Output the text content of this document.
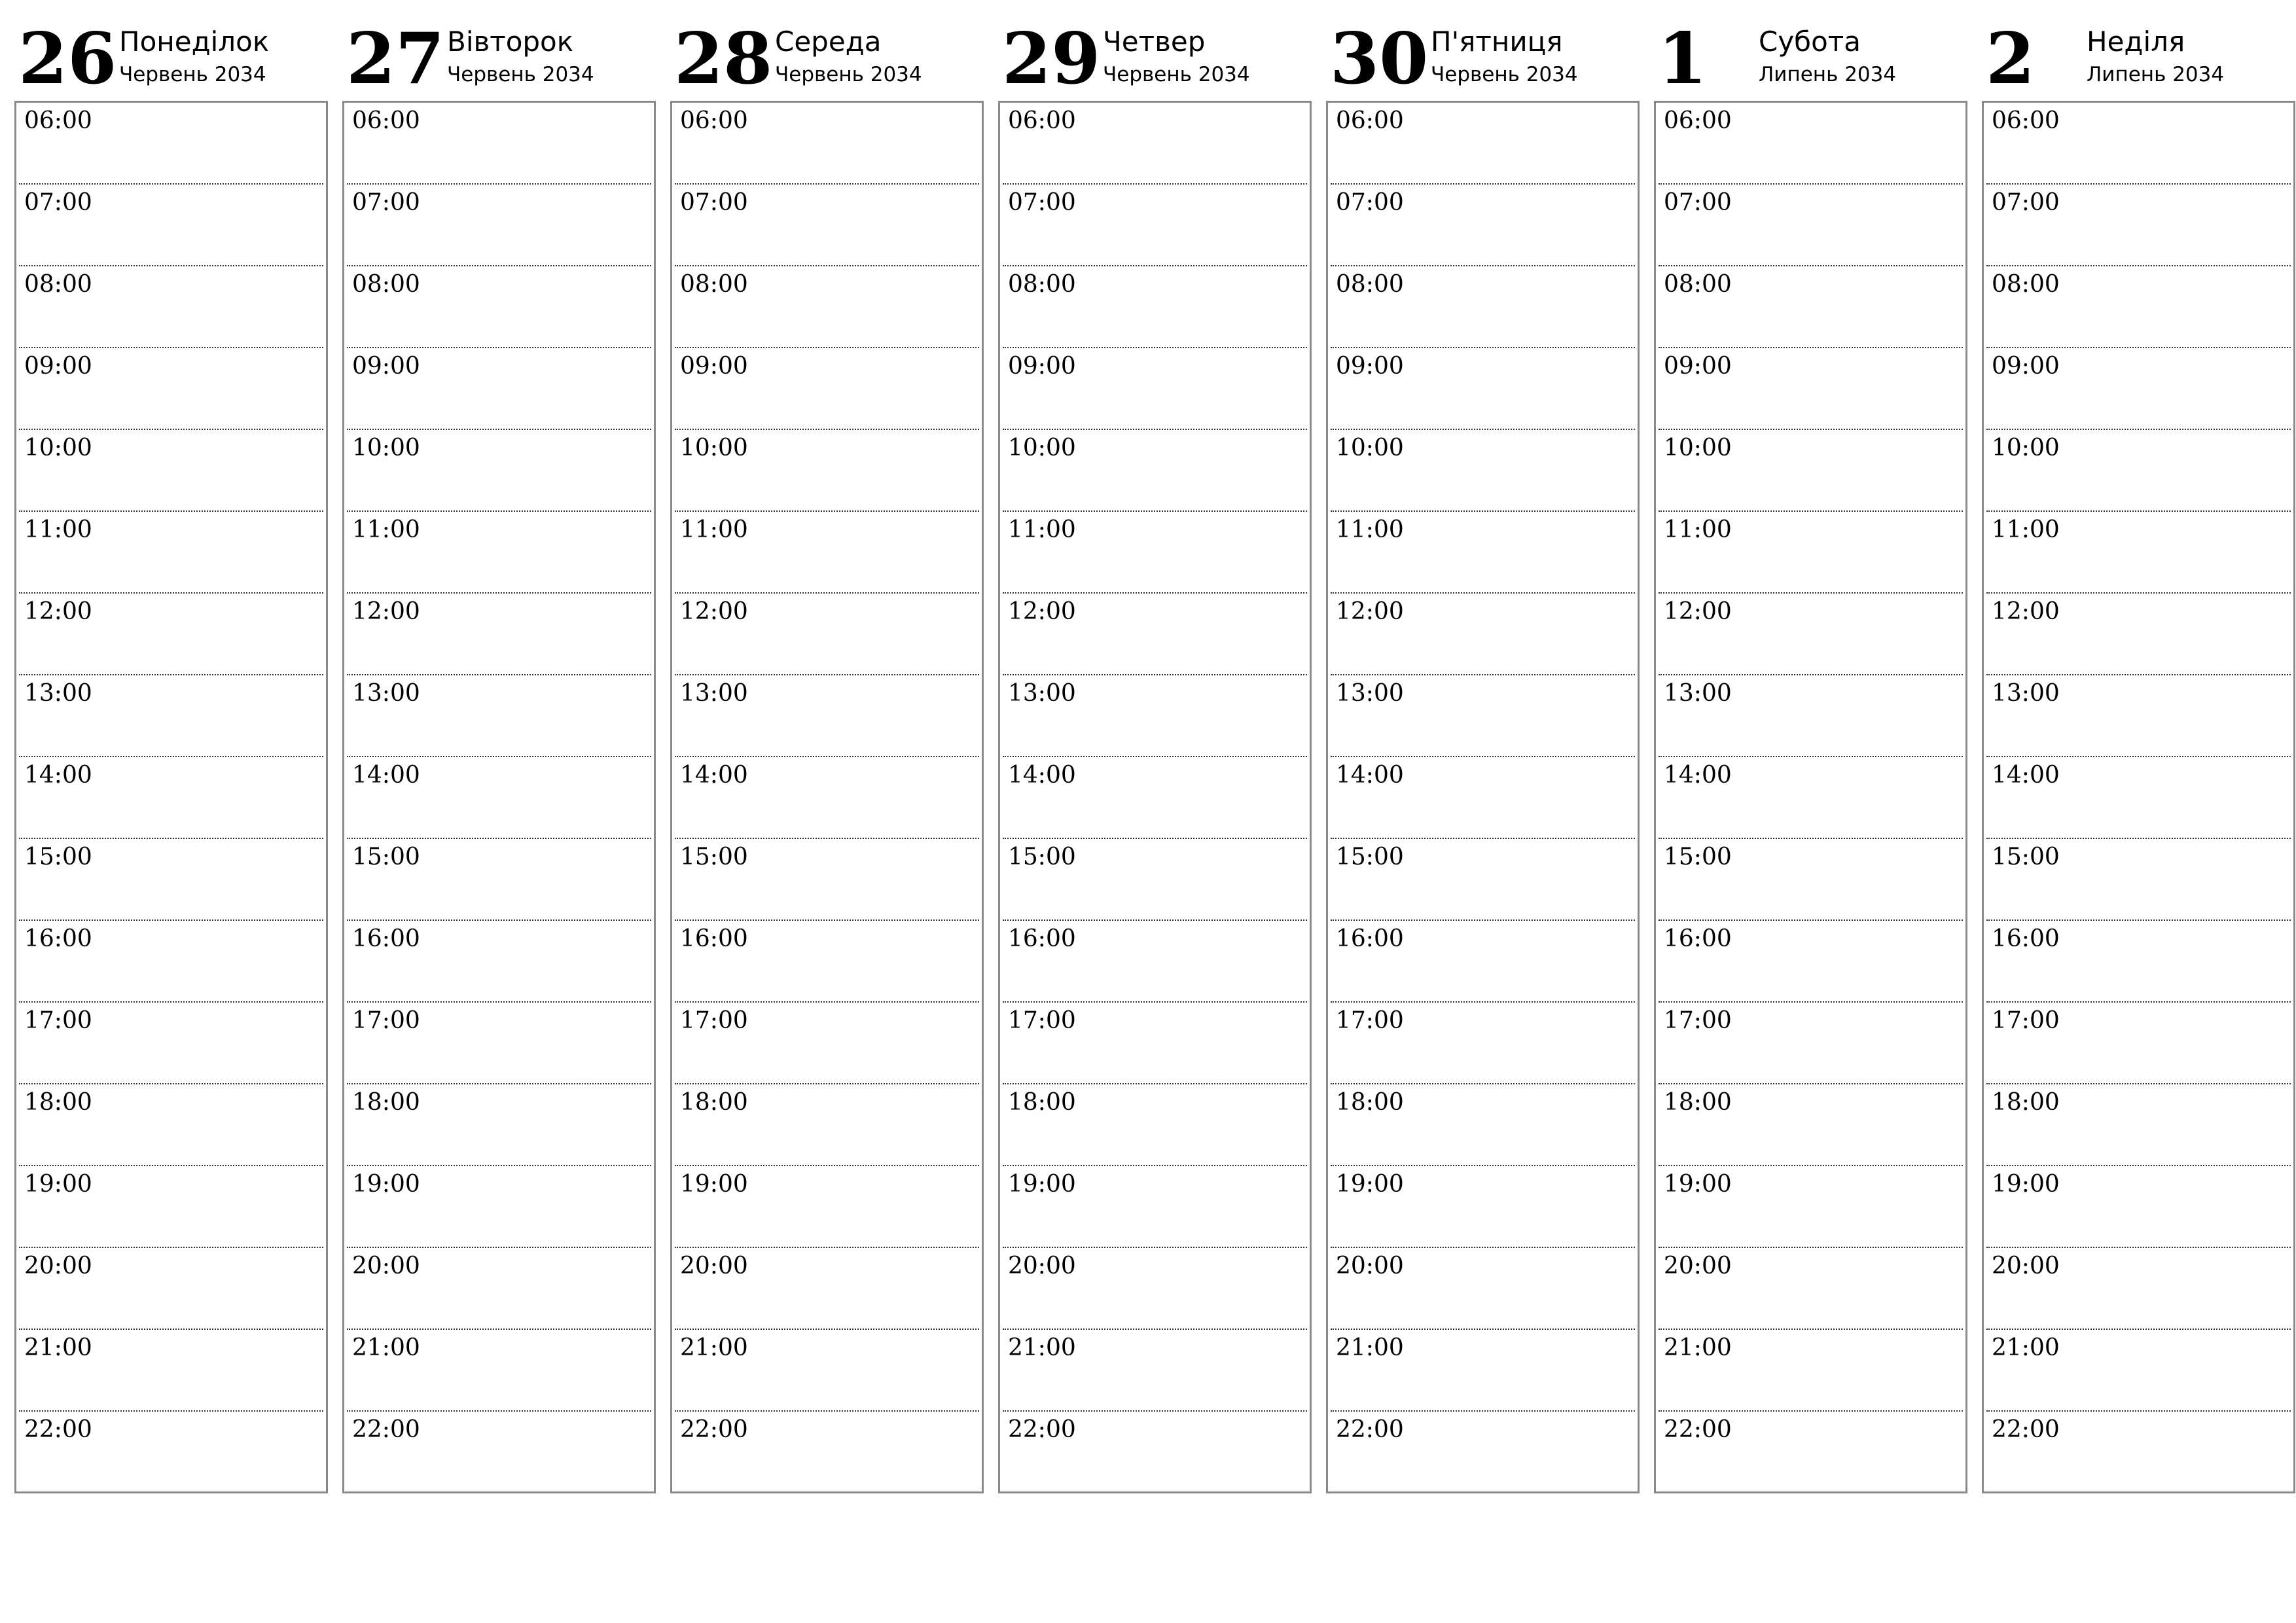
26 Понеділок
Червень 2034
06:00
07:00
08:00
09:00
10:00
11:00
12:00
13:00
14:00
15:00
16:00
17:00
18:00
19:00
20:00
21:00
22:00
27 Вівторок
Червень 2034
06:00
07:00
08:00
09:00
10:00
11:00
12:00
13:00
14:00
15:00
16:00
17:00
18:00
19:00
20:00
21:00
22:00
28 Середа
Червень 2034
06:00
07:00
08:00
09:00
10:00
11:00
12:00
13:00
14:00
15:00
16:00
17:00
18:00
19:00
20:00
21:00
22:00
29 Четвер
Червень 2034
06:00
07:00
08:00
09:00
10:00
11:00
12:00
13:00
14:00
15:00
16:00
17:00
18:00
19:00
20:00
21:00
22:00
30 П'ятниця
Червень 2034
06:00
07:00
08:00
09:00
10:00
11:00
12:00
13:00
14:00
15:00
16:00
17:00
18:00
19:00
20:00
21:00
22:00
1 Субота
Липень 2034
06:00
07:00
08:00
09:00
10:00
11:00
12:00
13:00
14:00
15:00
16:00
17:00
18:00
19:00
20:00
21:00
22:00
2 Неділя
Липень 2034
06:00
07:00
08:00
09:00
10:00
11:00
12:00
13:00
14:00
15:00
16:00
17:00
18:00
19:00
20:00
21:00
22:00
